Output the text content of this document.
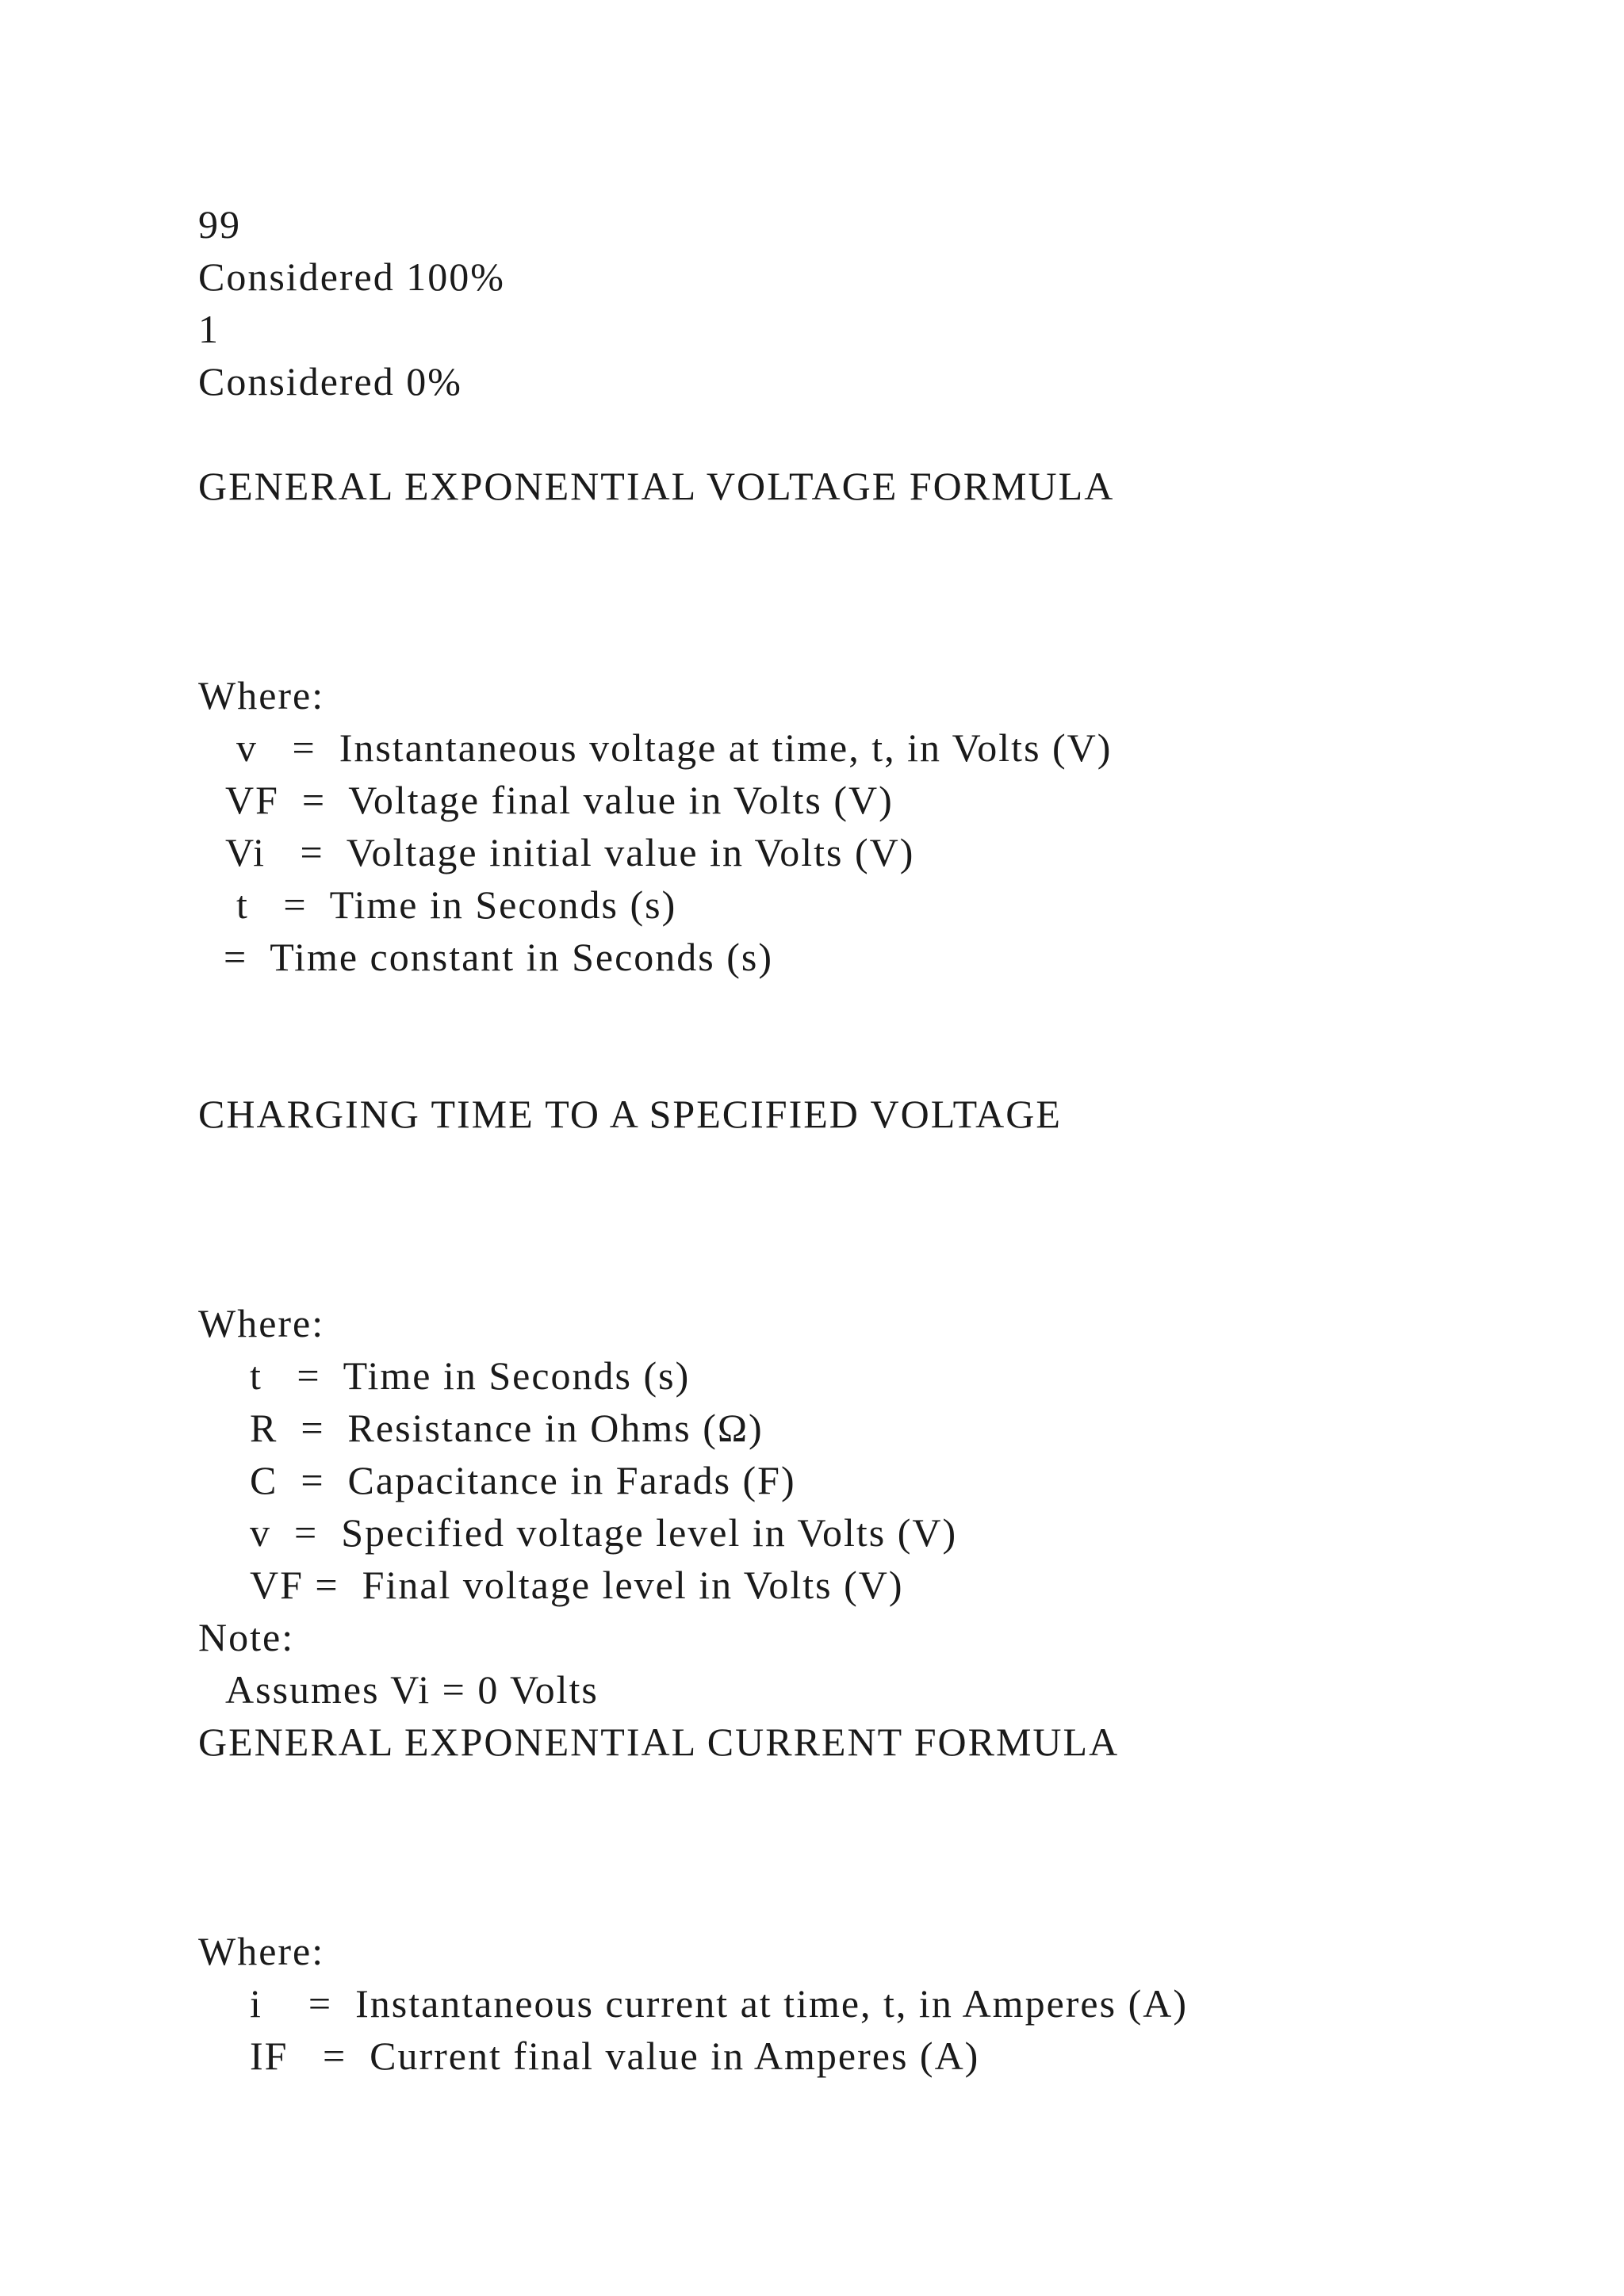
99
Considered 100%
1
Considered 0%
GENERAL EXPONENTIAL VOLTAGE FORMULA
Where:
v   =  Instantaneous voltage at time, t, in Volts (V)
VF  =  Voltage final value in Volts (V)
Vi   =  Voltage initial value in Volts (V)
t   =  Time in Seconds (s)
=  Time constant in Seconds (s)
CHARGING TIME TO A SPECIFIED VOLTAGE
Where:
t   =  Time in Seconds (s)
R  =  Resistance in Ohms (Ω)
C  =  Capacitance in Farads (F)
v  =  Specified voltage level in Volts (V)
VF =  Final voltage level in Volts (V)
Note:
Assumes Vi = 0 Volts
GENERAL EXPONENTIAL CURRENT FORMULA
Where:
i    =  Instantaneous current at time, t, in Amperes (A)
IF   =  Current final value in Amperes (A)
